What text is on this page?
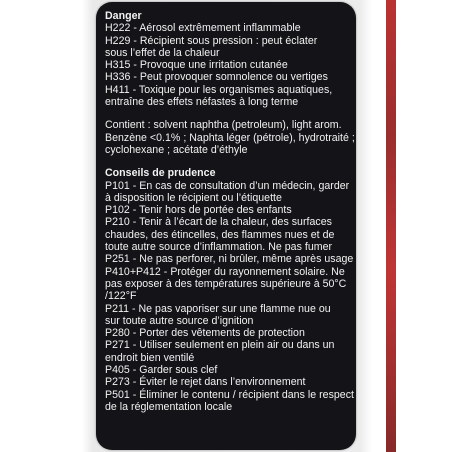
Danger
H222 - Aérosol extrêmement inflammable
H229 - Récipient sous pression : peut éclater
sous l’effet de la chaleur
H315 - Provoque une irritation cutanée
H336 - Peut provoquer somnolence ou vertiges
H411 - Toxique pour les organismes aquatiques,
entraîne des effets néfastes à long terme
Contient : solvent naphtha (petroleum), light arom.
Benzène <0.1% ; Naphta léger (pétrole), hydrotraité ;
cyclohexane ; acétate d’éthyle
Conseils de prudence
P101 - En cas de consultation d’un médecin, garder
à disposition le récipient ou l’étiquette
P102 - Tenir hors de portée des enfants
P210 - Tenir à l’écart de la chaleur, des surfaces
chaudes, des étincelles, des flammes nues et de
toute autre source d’inflammation. Ne pas fumer
P251 - Ne pas perforer, ni brûler, même après usage
P410+P412 - Protéger du rayonnement solaire. Ne
pas exposer à des températures supérieure à 50°C
/122°F
P211 - Ne pas vaporiser sur une flamme nue ou
sur toute autre source d’ignition
P280 - Porter des vêtements de protection
P271 - Utiliser seulement en plein air ou dans un
endroit bien ventilé
P405 - Garder sous clef
P273 - Éviter le rejet dans l’environnement
P501 - Éliminer le contenu / récipient dans le respect
de la réglementation locale
